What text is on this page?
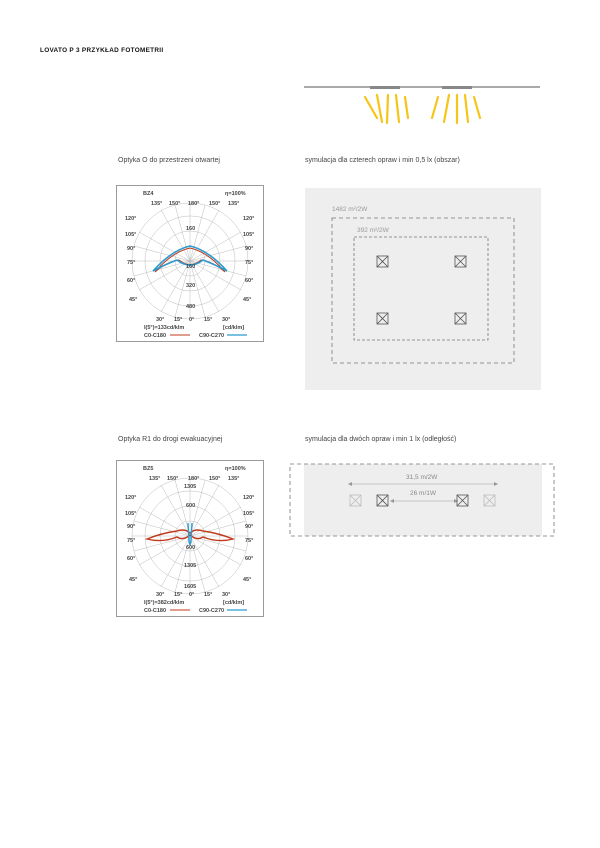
LOVATO P 3 PRZYKŁAD FOTOMETRII
Optyka O do przestrzeni otwartej	symulacja dla czterech opraw i min 0,5 lx (obszar)
BZ4	η=100%
135° 150° 180° 150° 135°
120°
105°
90°
75°
60°
45°
120°
105°
90°
75°
60°
45°
160
160
320
480
30° 15° 0° 15° 30°
I(5°)=133cd/klm	[cd/klm]
C0-C180	C90-C270
1482 m²/2W
392 m²/2W
Optyka R1 do drogi ewakuacyjnej	symulacja dla dwóch opraw i min 1 lx (odległość)
BZ5	η=100%
135° 150° 180° 150° 135°
120°
105°
90°
75°
60°
45°
120°
105°
90°
75°
60°
45°
1305
600
600
1305
1605
30° 15° 0° 15° 30°
I(5°)=382cd/klm	[cd/klm]
C0-C180	C90-C270
31,5 m/2W
26 m/1W
